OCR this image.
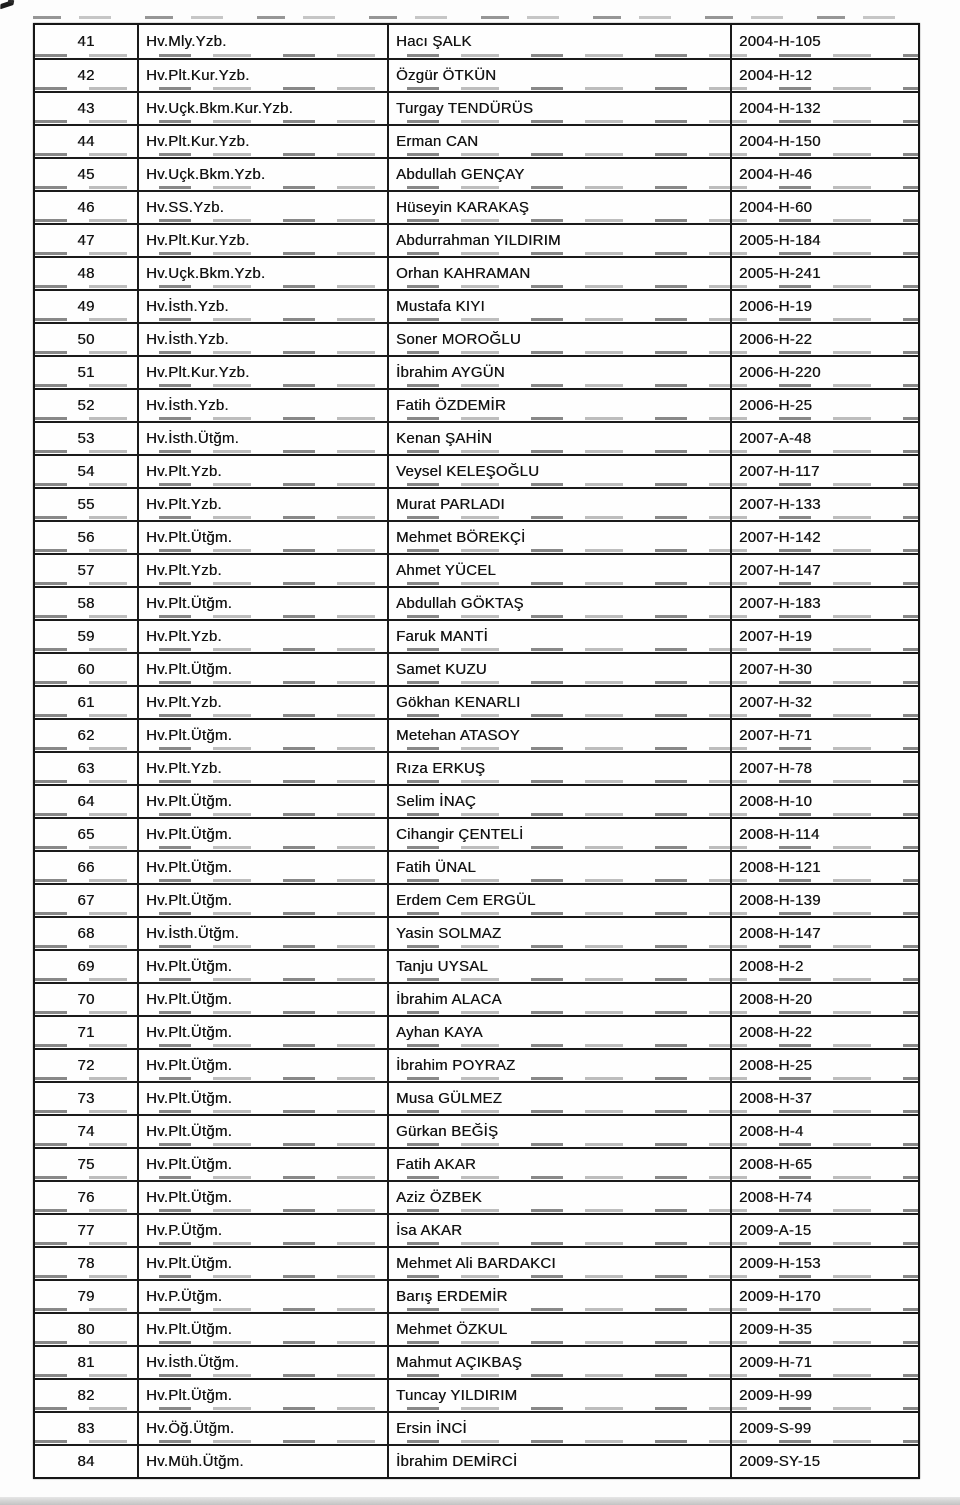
41	Hv.Mly.Yzb.	Hacı ŞALK	2004-H-105
42	Hv.Plt.Kur.Yzb.	Özgür ÖTKÜN	2004-H-12
43	Hv.Uçk.Bkm.Kur.Yzb.	Turgay TENDÜRÜS	2004-H-132
44	Hv.Plt.Kur.Yzb.	Erman CAN	2004-H-150
45	Hv.Uçk.Bkm.Yzb.	Abdullah GENÇAY	2004-H-46
46	Hv.SS.Yzb.	Hüseyin KARAKAŞ	2004-H-60
47	Hv.Plt.Kur.Yzb.	Abdurrahman YILDIRIM	2005-H-184
48	Hv.Uçk.Bkm.Yzb.	Orhan KAHRAMAN	2005-H-241
49	Hv.İsth.Yzb.	Mustafa KIYI	2006-H-19
50	Hv.İsth.Yzb.	Soner MOROĞLU	2006-H-22
51	Hv.Plt.Kur.Yzb.	İbrahim AYGÜN	2006-H-220
52	Hv.İsth.Yzb.	Fatih ÖZDEMİR	2006-H-25
53	Hv.İsth.Ütğm.	Kenan ŞAHİN	2007-A-48
54	Hv.Plt.Yzb.	Veysel KELEŞOĞLU	2007-H-117
55	Hv.Plt.Yzb.	Murat PARLADI	2007-H-133
56	Hv.Plt.Ütğm.	Mehmet BÖREKÇİ	2007-H-142
57	Hv.Plt.Yzb.	Ahmet YÜCEL	2007-H-147
58	Hv.Plt.Ütğm.	Abdullah GÖKTAŞ	2007-H-183
59	Hv.Plt.Yzb.	Faruk MANTİ	2007-H-19
60	Hv.Plt.Ütğm.	Samet KUZU	2007-H-30
61	Hv.Plt.Yzb.	Gökhan KENARLI	2007-H-32
62	Hv.Plt.Ütğm.	Metehan ATASOY	2007-H-71
63	Hv.Plt.Yzb.	Rıza ERKUŞ	2007-H-78
64	Hv.Plt.Ütğm.	Selim İNAÇ	2008-H-10
65	Hv.Plt.Ütğm.	Cihangir ÇENTELİ	2008-H-114
66	Hv.Plt.Ütğm.	Fatih ÜNAL	2008-H-121
67	Hv.Plt.Ütğm.	Erdem Cem ERGÜL	2008-H-139
68	Hv.İsth.Ütğm.	Yasin SOLMAZ	2008-H-147
69	Hv.Plt.Ütğm.	Tanju UYSAL	2008-H-2
70	Hv.Plt.Ütğm.	İbrahim ALACA	2008-H-20
71	Hv.Plt.Ütğm.	Ayhan KAYA	2008-H-22
72	Hv.Plt.Ütğm.	İbrahim POYRAZ	2008-H-25
73	Hv.Plt.Ütğm.	Musa GÜLMEZ	2008-H-37
74	Hv.Plt.Ütğm.	Gürkan BEĞİŞ	2008-H-4
75	Hv.Plt.Ütğm.	Fatih AKAR	2008-H-65
76	Hv.Plt.Ütğm.	Aziz ÖZBEK	2008-H-74
77	Hv.P.Ütğm.	İsa AKAR	2009-A-15
78	Hv.Plt.Ütğm.	Mehmet Ali BARDAKCI	2009-H-153
79	Hv.P.Ütğm.	Barış ERDEMİR	2009-H-170
80	Hv.Plt.Ütğm.	Mehmet ÖZKUL	2009-H-35
81	Hv.İsth.Ütğm.	Mahmut AÇIKBAŞ	2009-H-71
82	Hv.Plt.Ütğm.	Tuncay YILDIRIM	2009-H-99
83	Hv.Öğ.Ütğm.	Ersin İNCİ	2009-S-99
84	Hv.Müh.Ütğm.	İbrahim DEMİRCİ	2009-SY-15
